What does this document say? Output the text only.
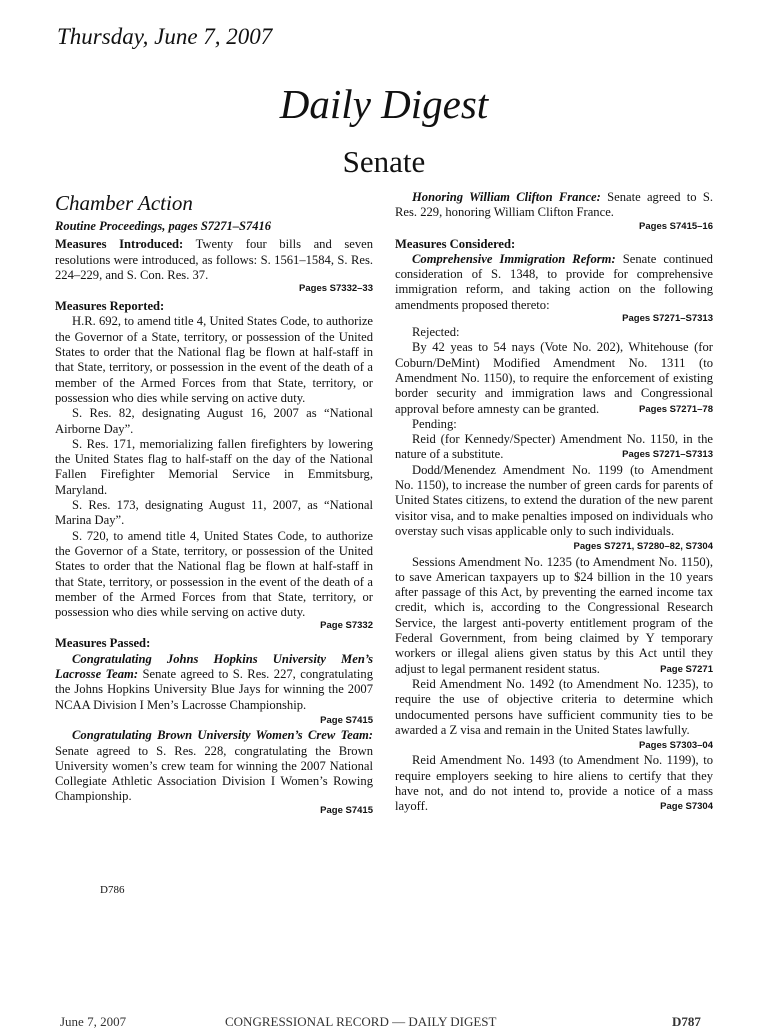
Thursday, June 7, 2007
Daily Digest
Senate
Chamber Action
Routine Proceedings, pages S7271–S7416

Measures Introduced: Twenty four bills and seven resolutions were introduced, as follows: S. 1561–1584, S. Res. 224–229, and S. Con. Res. 37.

Pages S7332–33

Measures Reported:

H.R. 692, to amend title 4, United States Code, to authorize the Governor of a State, territory, or possession of the United States to order that the National flag be flown at half-staff in that State, territory, or possession in the event of the death of a member of the Armed Forces from that State, territory, or possession who dies while serving on active duty.

S. Res. 82, designating August 16, 2007 as “National Airborne Day”.

S. Res. 171, memorializing fallen firefighters by lowering the United States flag to half-staff on the day of the National Fallen Firefighter Memorial Service in Emmitsburg, Maryland.

S. Res. 173, designating August 11, 2007, as “National Marina Day”.

S. 720, to amend title 4, United States Code, to authorize the Governor of a State, territory, or possession of the United States to order that the National flag be flown at half-staff in that State, territory, or possession in the event of the death of a member of the Armed Forces from that State, territory, or possession who dies while serving on active duty.

Page S7332

Measures Passed:

Congratulating Johns Hopkins University Men’s Lacrosse Team: Senate agreed to S. Res. 227, congratulating the Johns Hopkins University Blue Jays for winning the 2007 NCAA Division I Men’s Lacrosse Championship.
Page S7415

Congratulating Brown University Women’s Crew Team: Senate agreed to S. Res. 228, congratulating the Brown University women’s crew team for winning the 2007 National Collegiate Athletic Association Division I Women’s Rowing Championship.

Page S7415

Honoring William Clifton France: Senate agreed to S. Res. 229, honoring William Clifton France.

Pages S7415–16

Measures Considered:

Comprehensive Immigration Reform: Senate continued consideration of S. 1348, to provide for comprehensive immigration reform, and taking action on the following amendments proposed thereto:

Pages S7271–S7313

Rejected:

By 42 yeas to 54 nays (Vote No. 202), Whitehouse (for Coburn/DeMint) Modified Amendment No. 1311 (to Amendment No. 1150), to require the enforcement of existing border security and immigration laws and Congressional approval before amnesty can be granted.	Pages S7271–78

Pending:

Reid (for Kennedy/Specter) Amendment No. 1150, in the nature of a substitute.	Pages S7271–S7313

Dodd/Menendez Amendment No. 1199 (to Amendment No. 1150), to increase the number of green cards for parents of United States citizens, to extend the duration of the new parent visitor visa, and to make penalties imposed on individuals who overstay such visas applicable only to such individuals.
Pages S7271, S7280–82, S7304

Sessions Amendment No. 1235 (to Amendment No. 1150), to save American taxpayers up to $24 billion in the 10 years after passage of this Act, by preventing the earned income tax credit, which is, according to the Congressional Research Service, the largest anti-poverty entitlement program of the Federal Government, from being claimed by Y temporary workers or illegal aliens given status by this Act until they adjust to legal permanent resident status.	Page S7271

Reid Amendment No. 1492 (to Amendment No. 1235), to require the use of objective criteria to determine which undocumented persons have sufficient community ties to be awarded a Z visa and remain in the United States lawfully.
Pages S7303–04

Reid Amendment No. 1493 (to Amendment No. 1199), to require employers seeking to hire aliens to certify that they have not, and do not intend to, provide a notice of a mass layoff.	Page S7304

D786
June 7, 2007	CONGRESSIONAL RECORD — DAILY DIGEST	D787
